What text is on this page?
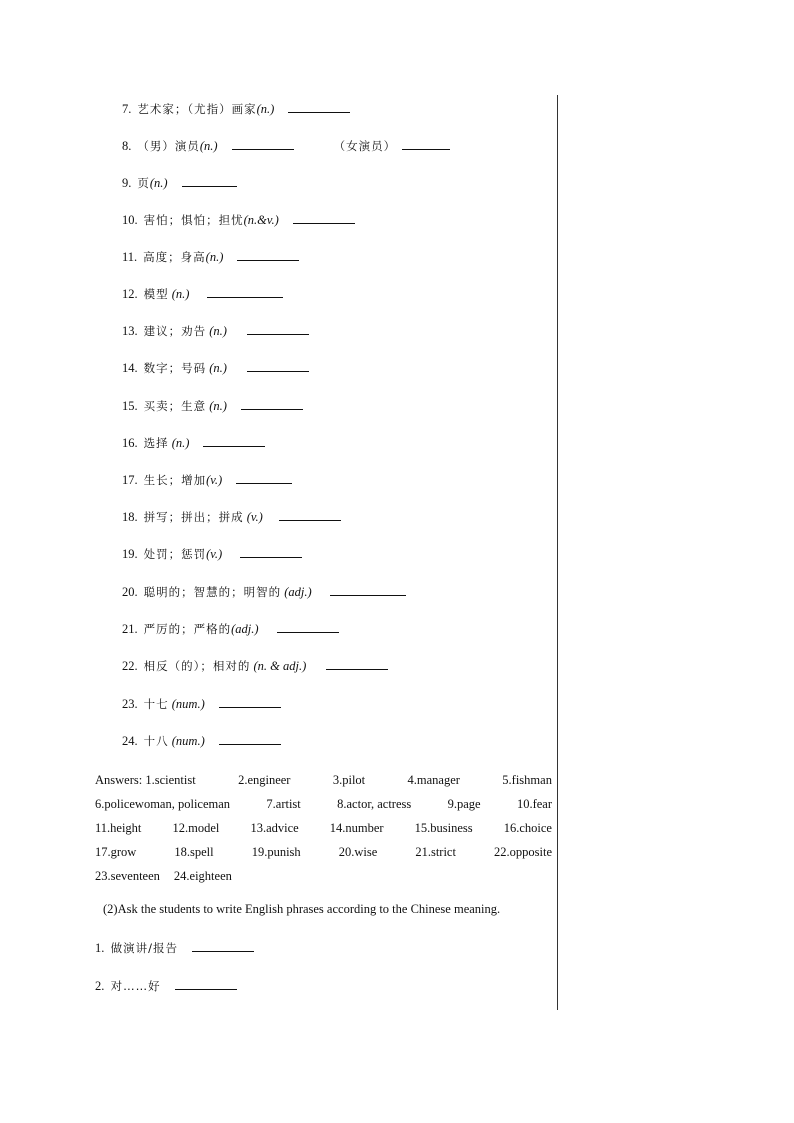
7. 艺术家；（尤指）画家(n.)
8. （男）演员(n.)	（女演员）
9. 页(n.)
10. 害怕；惧怕；担忧(n.&v.)
11. 高度；身高(n.)
12. 模型 (n.)
13. 建议；劝告 (n.)
14. 数字；号码 (n.)
15. 买卖；生意 (n.)
16. 选择 (n.)
17. 生长；增加(v.)
18. 拼写；拼出；拼成 (v.)
19. 处罚；惩罚(v.)
20. 聪明的；智慧的；明智的 (adj.)
21. 严厉的；严格的(adj.)
22. 相反（的）；相对的 (n. & adj.)
23. 十七 (num.)
24. 十八 (num.)
Answers: 1.scientist	2.engineer	3.pilot	4.manager	5.fishman
6.policewoman, policeman	7.artist	8.actor, actress	9.page	10.fear
11.height 12.model 13.advice 14.number 15.business 16.choice
17.grow	18.spell	19.punish	20.wise	21.strict	22.opposite
23.seventeen 24.eighteen
(2)Ask the students to write English phrases according to the Chinese meaning.
1. 做演讲/报告
2. 对……好
